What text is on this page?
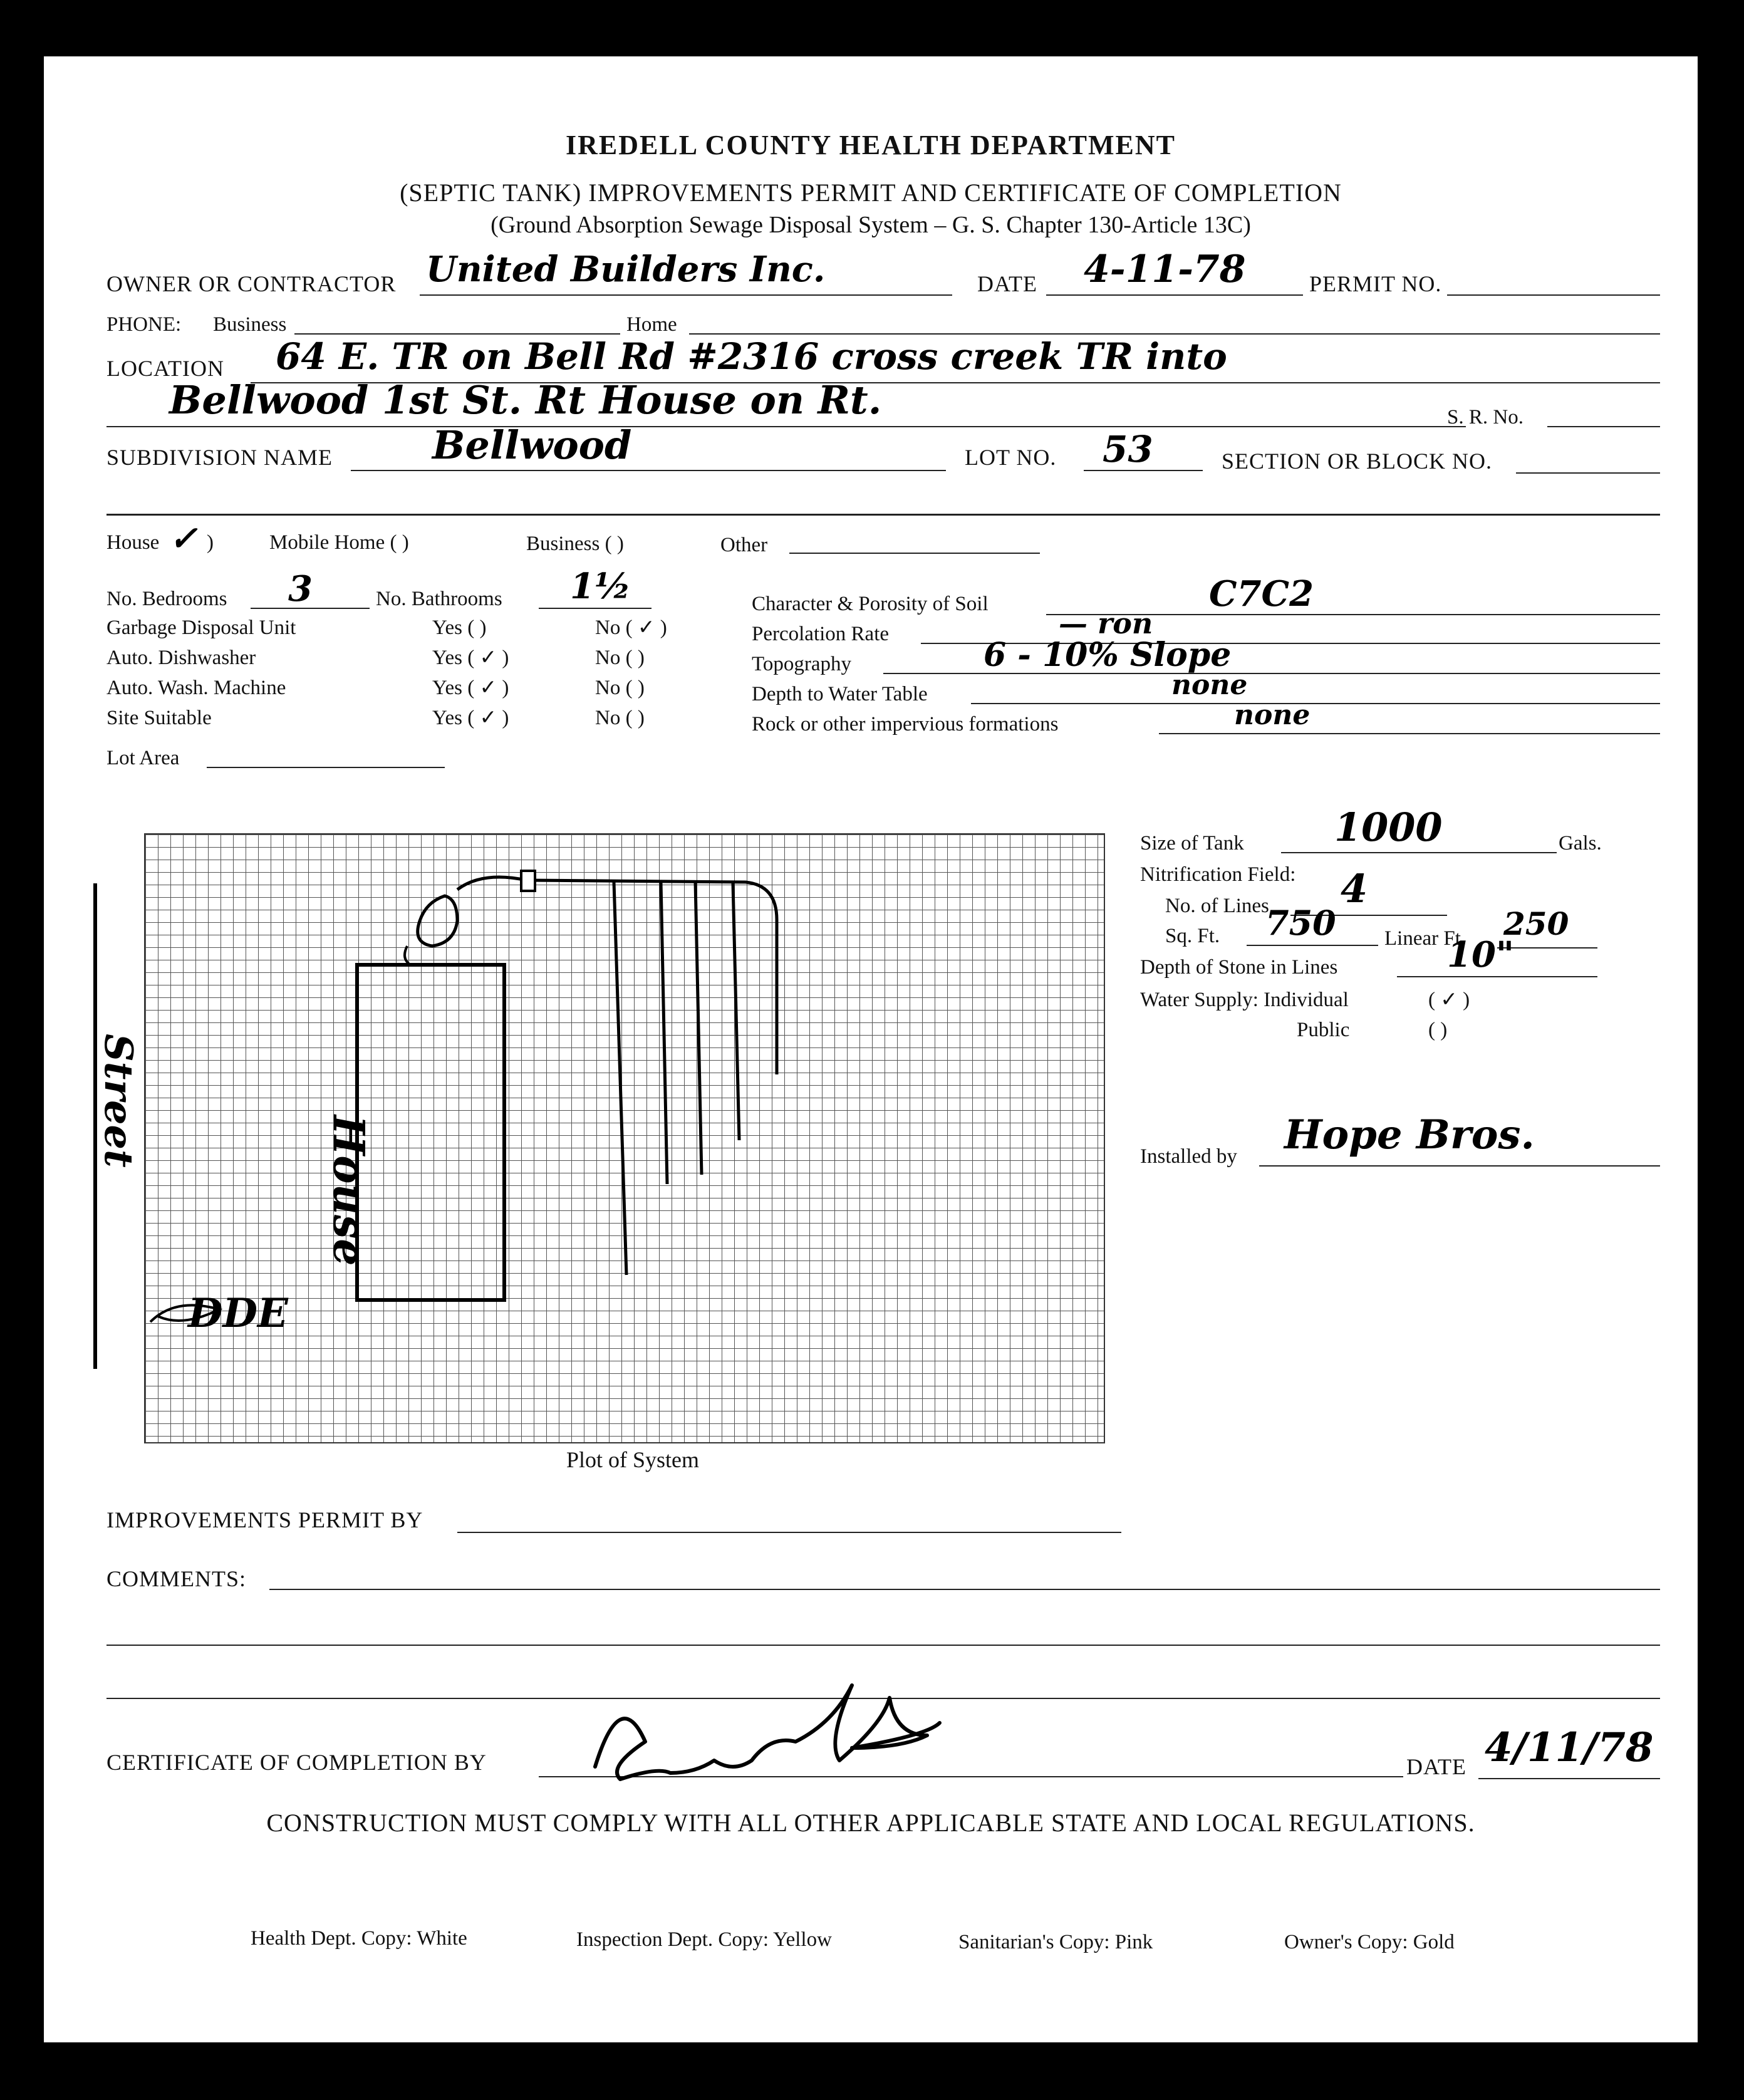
IREDELL COUNTY HEALTH DEPARTMENT
(SEPTIC TANK) IMPROVEMENTS PERMIT AND CERTIFICATE OF COMPLETION
(Ground Absorption Sewage Disposal System – G. S. Chapter 130-Article 13C)
OWNER OR CONTRACTOR United Builders Inc.	DATE 4-11-78	PERMIT NO.
PHONE: Business	Home
LOCATION 64 E. TR on Bell Rd #2316 cross creek TR into
Bellwood 1st St. Rt House on Rt.	S. R. No.
SUBDIVISION NAME	Bellwood	LOT NO. 53	SECTION OR BLOCK NO.
House ✓ )	Mobile Home ( )	Business ( )	Other
No. Bedrooms 3	No. Bathrooms 1½
Garbage Disposal Unit	Yes ( )	No ( ✓ )
Auto. Dishwasher	Yes ( ✓ )	No ( )
Auto. Wash. Machine	Yes ( ✓ )	No ( )
Site Suitable	Yes ( ✓ )	No ( )
Lot Area
Character & Porosity of Soil	C7C2
Percolation Rate	— ron
Topography	6 - 10% Slope
Depth to Water Table	none
Rock or other impervious formations	none
House
Street
DDE
Plot of System
Size of Tank 1000	Gals.
Nitrification Field:
No. of Lines 4
Sq. Ft. 750 Linear Ft. 250
Depth of Stone in Lines	10"
Water Supply: Individual	( ✓ )
Public	( )
Installed by Hope Bros.
IMPROVEMENTS PERMIT BY
COMMENTS:
CERTIFICATE OF COMPLETION BY	DATE 4/11/78
CONSTRUCTION MUST COMPLY WITH ALL OTHER APPLICABLE STATE AND LOCAL REGULATIONS.
Health Dept. Copy: White	Inspection Dept. Copy: Yellow	Sanitarian's Copy: Pink	Owner's Copy: Gold
